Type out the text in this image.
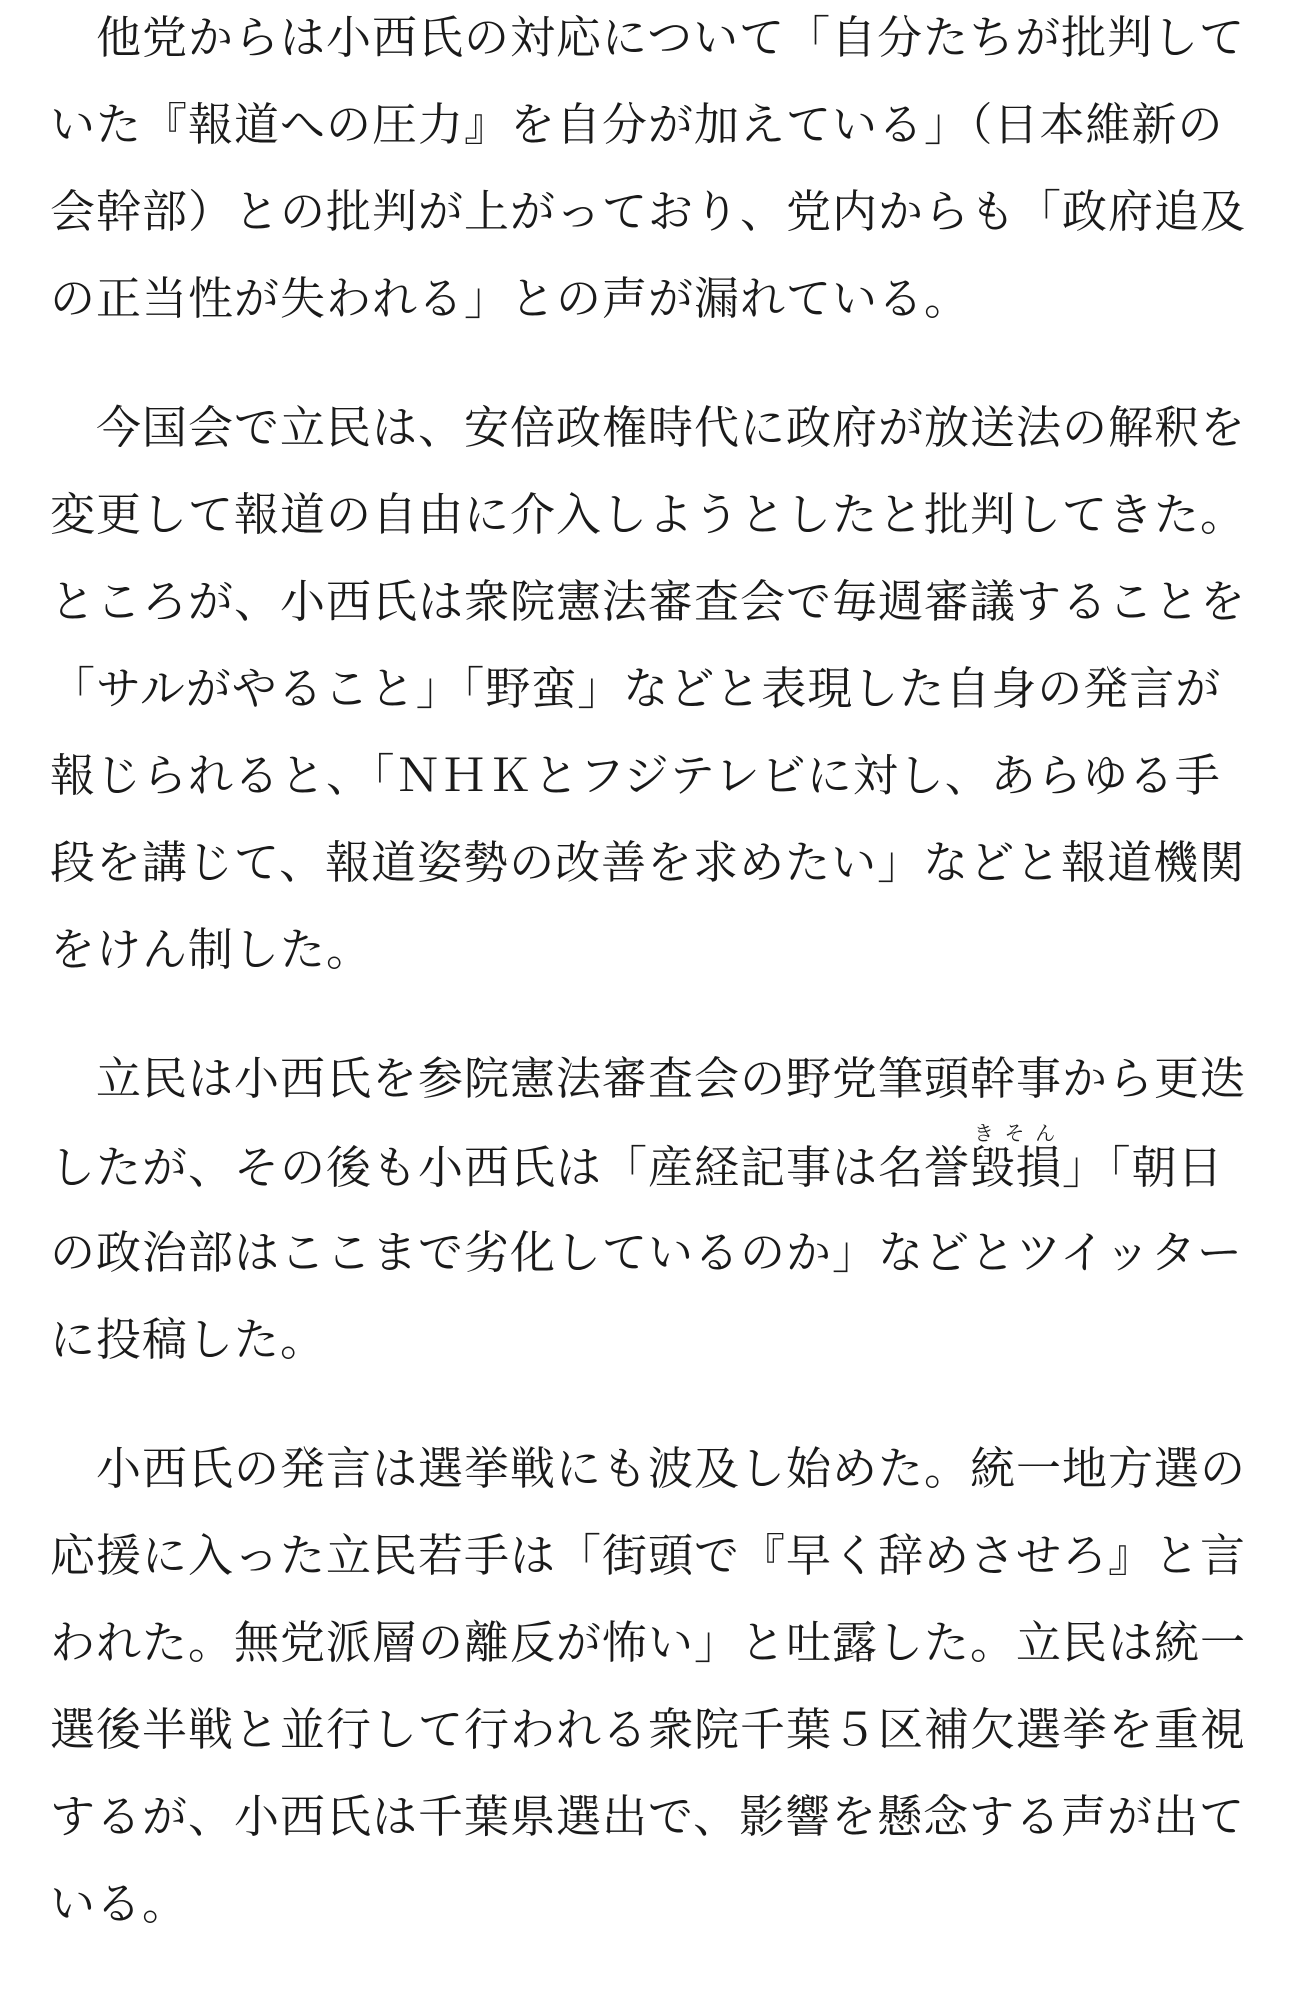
　他党からは小西氏の対応について「自分たちが批判して
いた『報道への圧力』を自分が加えている」（日本維新の
会幹部）との批判が上がっており、党内からも「政府追及
の正当性が失われる」との声が漏れている。

　今国会で立民は、安倍政権時代に政府が放送法の解釈を
変更して報道の自由に介入しようとしたと批判してきた。
ところが、小西氏は衆院憲法審査会で毎週審議することを
「サルがやること」「野蛮」などと表現した自身の発言が
報じられると、「ＮＨＫとフジテレビに対し、あらゆる手
段を講じて、報道姿勢の改善を求めたい」などと報道機関
をけん制した。

　立民は小西氏を参院憲法審査会の野党筆頭幹事から更迭
したが、その後も小西氏は「産経記事は名誉毀損きそん」「朝日
の政治部はここまで劣化しているのか」などとツイッター
に投稿した。

　小西氏の発言は選挙戦にも波及し始めた。統一地方選の
応援に入った立民若手は「街頭で『早く辞めさせろ』と言
われた。無党派層の離反が怖い」と吐露した。立民は統一
選後半戦と並行して行われる衆院千葉５区補欠選挙を重視
するが、小西氏は千葉県選出で、影響を懸念する声が出て
いる。
